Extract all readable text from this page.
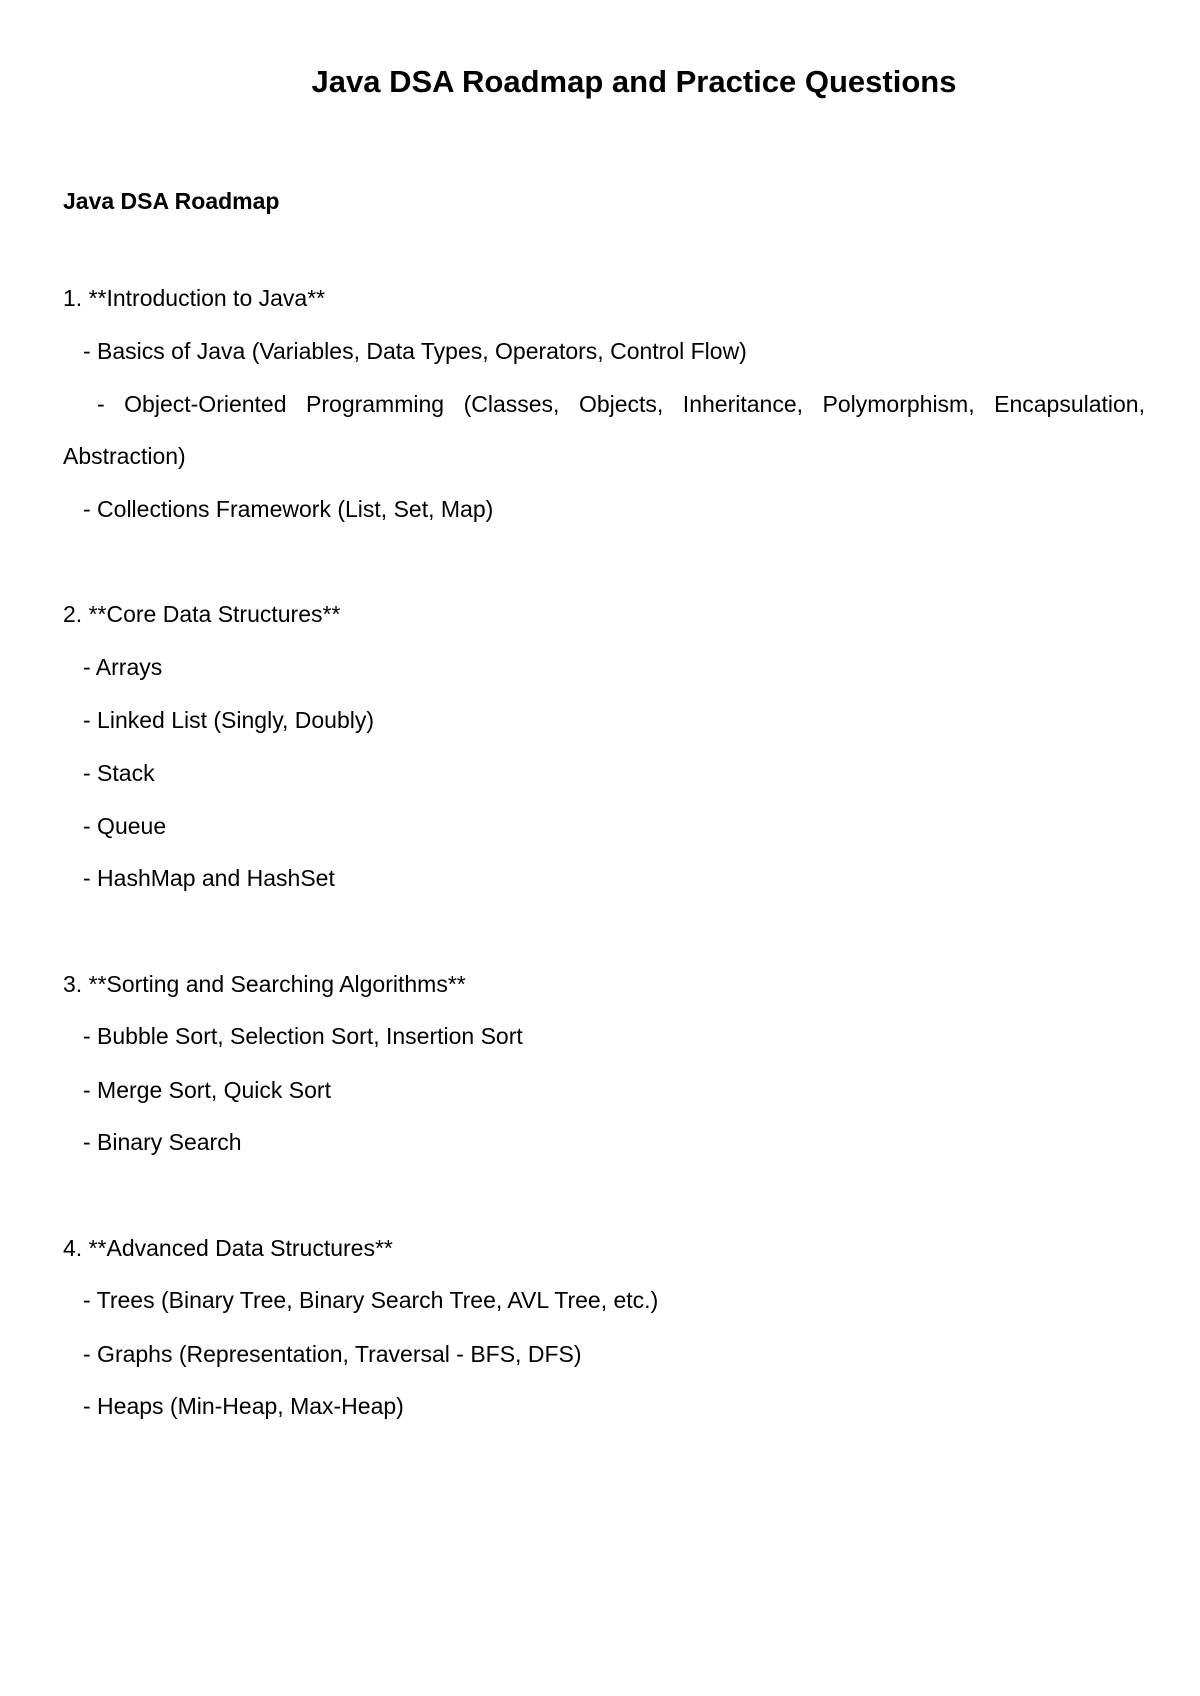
Java DSA Roadmap and Practice Questions
Java DSA Roadmap
1. **Introduction to Java**
- Basics of Java (Variables, Data Types, Operators, Control Flow)
- Object-Oriented Programming (Classes, Objects, Inheritance, Polymorphism, Encapsulation,
Abstraction)
- Collections Framework (List, Set, Map)
2. **Core Data Structures**
- Arrays
- Linked List (Singly, Doubly)
- Stack
- Queue
- HashMap and HashSet
3. **Sorting and Searching Algorithms**
- Bubble Sort, Selection Sort, Insertion Sort
- Merge Sort, Quick Sort
- Binary Search
4. **Advanced Data Structures**
- Trees (Binary Tree, Binary Search Tree, AVL Tree, etc.)
- Graphs (Representation, Traversal - BFS, DFS)
- Heaps (Min-Heap, Max-Heap)
